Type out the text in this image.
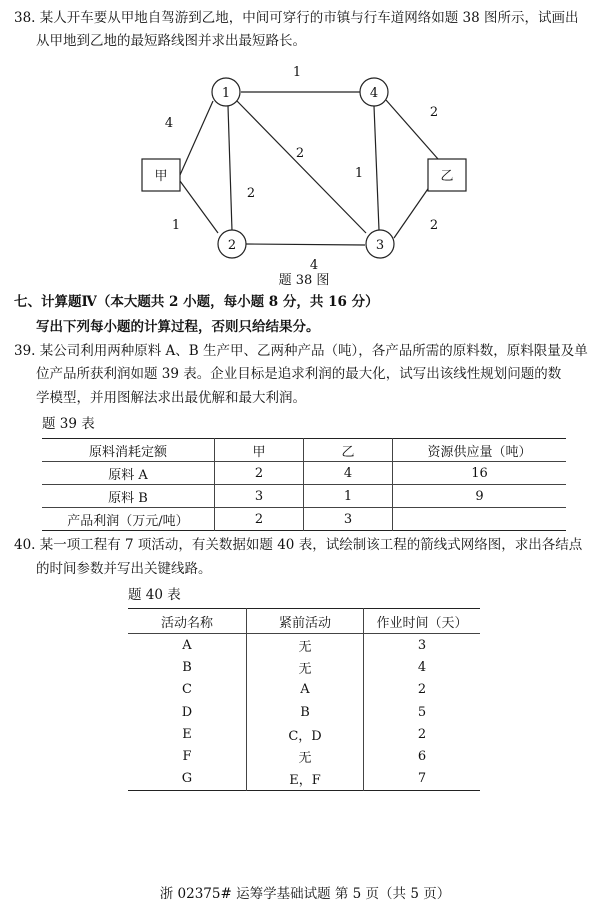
38. 某人开车要从甲地自驾游到乙地，中间可穿行的市镇与行车道网络如题 38 图所示，试画出
从甲地到乙地的最短路线图并求出最短路长。
1
2	3
4
甲	乙
4
1
2
2
1
4
1
2
2
题 38 图
七、计算题Ⅳ（本大题共 2 小题，每小题 8 分，共 16 分）
写出下列每小题的计算过程，否则只给结果分。
39. 某公司利用两种原料 A、B 生产甲、乙两种产品（吨），各产品所需的原料数，原料限量及单
位产品所获利润如题 39 表。企业目标是追求利润的最大化，试写出该线性规划问题的数
学模型，并用图解法求出最优解和最大利润。
题 39 表
原料消耗定额	甲	乙	资源供应量（吨）
原料 A	2	4	16
原料 B	3	1	9
产品利润（万元/吨）	2	3	
40. 某一项工程有 7 项活动，有关数据如题 40 表，试绘制该工程的箭线式网络图，求出各结点
的时间参数并写出关键线路。
题 40 表
活动名称	紧前活动	作业时间（天）
A	无	3
B	无	4
C	A	2
D	B	5
E	C，D	2
F	无	6
G	E，F	7
浙 02375# 运筹学基础试题 第 5 页（共 5 页）
